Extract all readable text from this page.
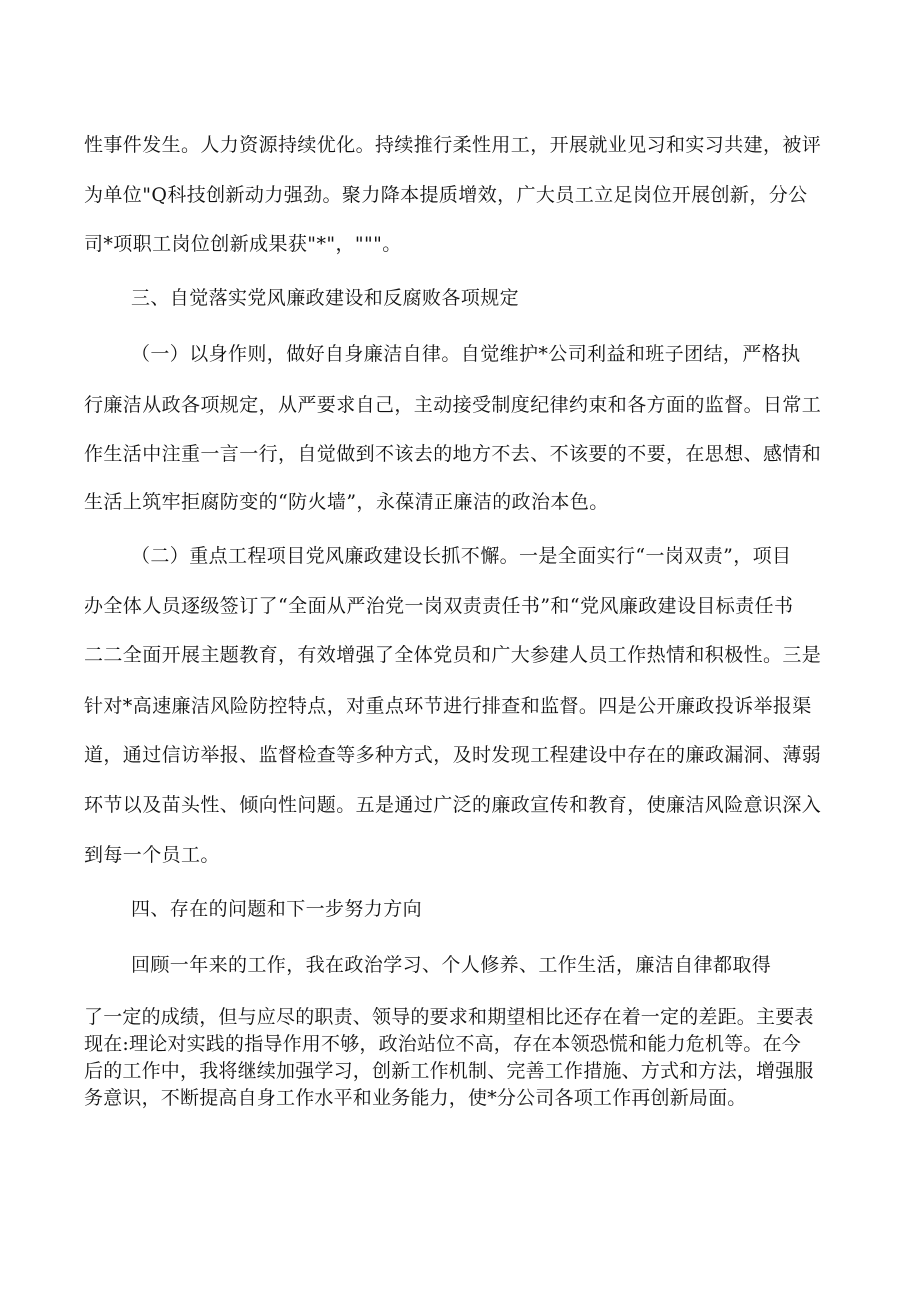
性事件发生。人力资源持续优化。持续推行柔性用工，开展就业见习和实习共建，被评
为单位"Q科技创新动力强劲。聚力降本提质增效，广大员工立足岗位开展创新，分公
司*项职工岗位创新成果获"*"，"""。
三、自觉落实党风廉政建设和反腐败各项规定
（一）以身作则，做好自身廉洁自律。自觉维护*公司利益和班子团结，严格执
行廉洁从政各项规定，从严要求自己，主动接受制度纪律约束和各方面的监督。日常工
作生活中注重一言一行，自觉做到不该去的地方不去、不该要的不要，在思想、感情和
生活上筑牢拒腐防变的“防火墙”，永葆清正廉洁的政治本色。
（二）重点工程项目党风廉政建设长抓不懈。一是全面实行“一岗双责”，项目
办全体人员逐级签订了“全面从严治党一岗双责责任书”和“党风廉政建设目标责任书
二二全面开展主题教育，有效增强了全体党员和广大参建人员工作热情和积极性。三是
针对*高速廉洁风险防控特点，对重点环节进行排查和监督。四是公开廉政投诉举报渠
道，通过信访举报、监督检查等多种方式，及时发现工程建设中存在的廉政漏洞、薄弱
环节以及苗头性、倾向性问题。五是通过广泛的廉政宣传和教育，使廉洁风险意识深入
到每一个员工。
四、存在的问题和下一步努力方向
回顾一年来的工作，我在政治学习、个人修养、工作生活，廉洁自律都取得
了一定的成绩，但与应尽的职责、领导的要求和期望相比还存在着一定的差距。主要表
现在:理论对实践的指导作用不够，政治站位不高，存在本领恐慌和能力危机等。在今
后的工作中，我将继续加强学习，创新工作机制、完善工作措施、方式和方法，增强服
务意识，不断提高自身工作水平和业务能力，使*分公司各项工作再创新局面。
